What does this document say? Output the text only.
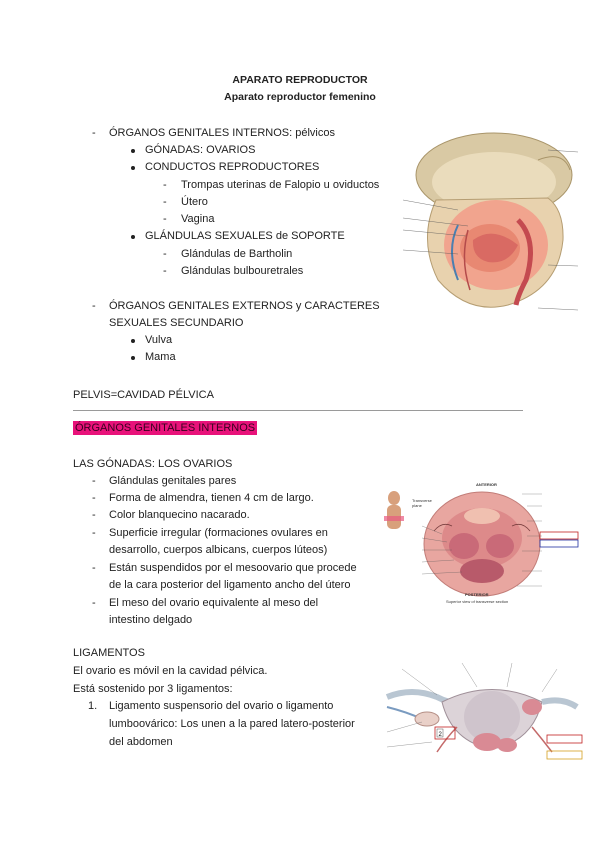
APARATO REPRODUCTOR
Aparato reproductor femenino
- ÓRGANOS GENITALES INTERNOS: pélvicos
GÓNADAS: OVARIOS
CONDUCTOS REPRODUCTORES
- Trompas uterinas de Falopio u oviductos
- Útero
- Vagina
GLÁNDULAS SEXUALES de SOPORTE
- Glándulas de Bartholin
- Glándulas bulbouretrales
- ÓRGANOS GENITALES EXTERNOS y CARACTERES
SEXUALES SECUNDARIO
Vulva
Mama
PELVIS=CAVIDAD PÉLVICA
ÓRGANOS GENITALES INTERNOS
LAS GÓNADAS: LOS OVARIOS
- Glándulas genitales pares
- Forma de almendra, tienen 4 cm de largo.
- Color blanquecino nacarado.
- Superficie irregular (formaciones ovulares en
desarrollo, cuerpos albicans, cuerpos lúteos)
- Están suspendidos por el mesoovario que procede
de la cara posterior del ligamento ancho del útero
- El meso del ovario equivalente al meso del
intestino delgado
Transverse
plane
ANTERIOR
POSTERIOR
Superior view of transverse section
LIGAMENTOS
El ovario es móvil en la cavidad pélvica.
Está sostenido por 3 ligamentos:
1. Ligamento suspensorio del ovario o ligamento
lumboovárico: Los unen a la pared latero-posterior
del abdomen
2
